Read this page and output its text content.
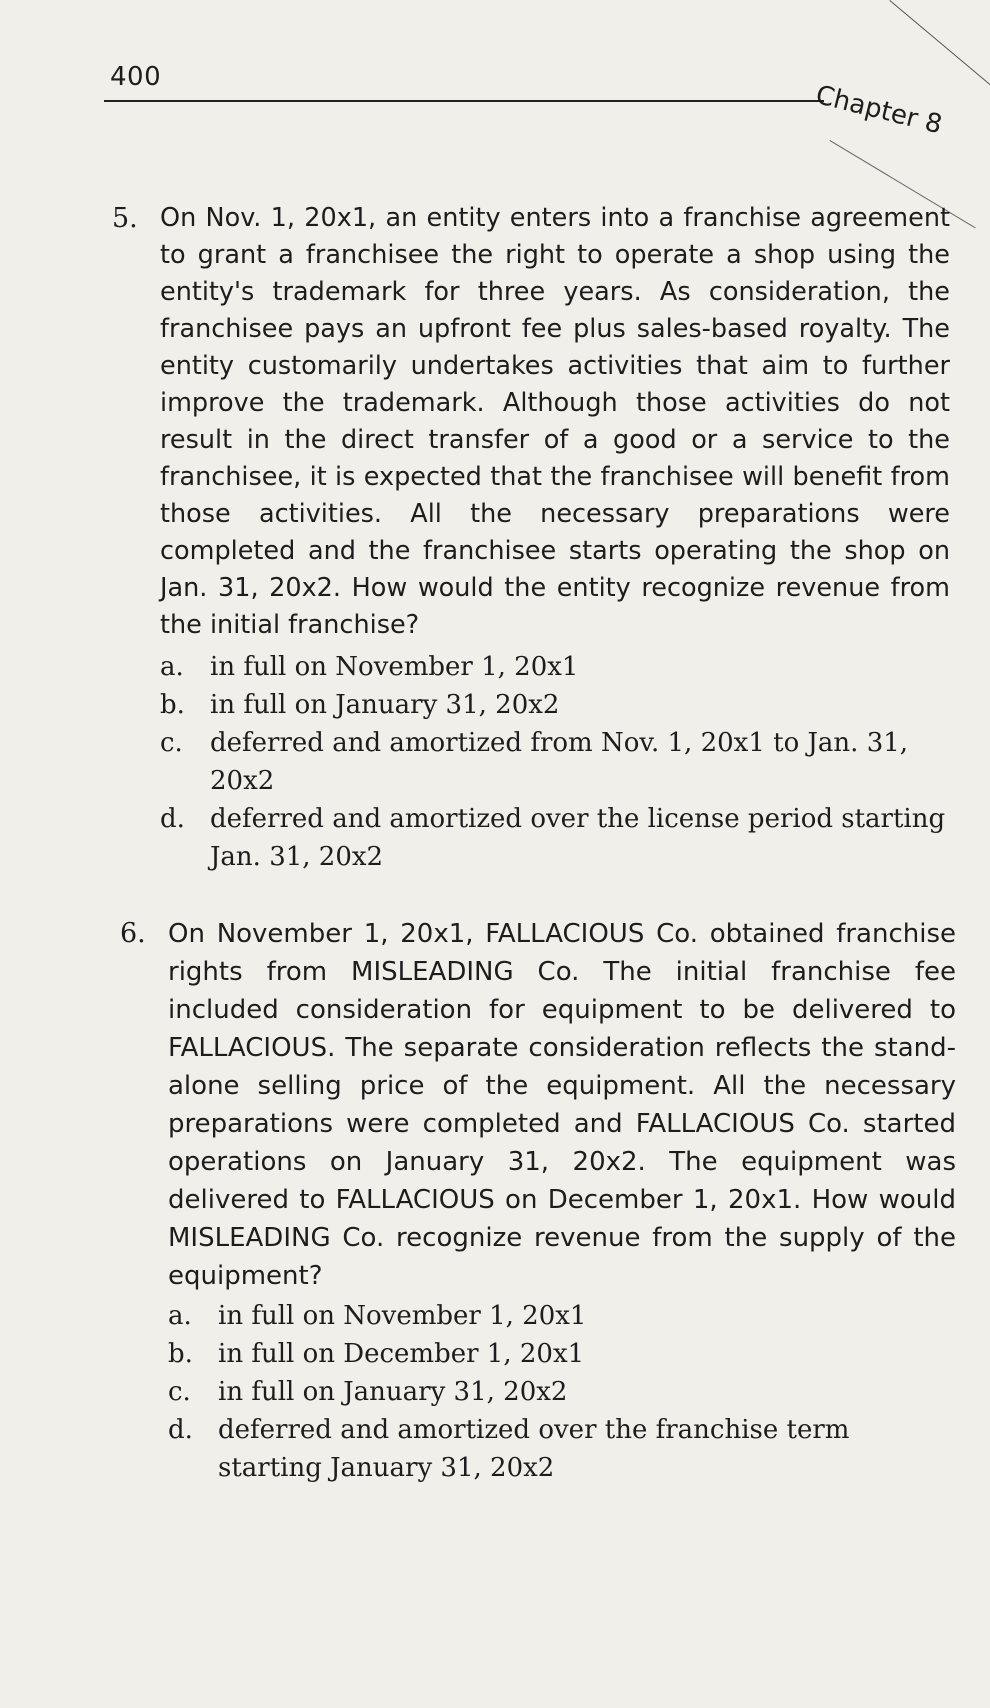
400
Chapter 8
5. On Nov. 1, 20x1, an entity enters into a franchise agreement to grant a franchisee the right to operate a shop using the entity's trademark for three years. As consideration, the franchisee pays an upfront fee plus sales-based royalty. The entity customarily undertakes activities that aim to further improve the trademark. Although those activities do not result in the direct transfer of a good or a service to the franchisee, it is expected that the franchisee will benefit from those activities. All the necessary preparations were completed and the franchisee starts operating the shop on Jan. 31, 20x2. How would the entity recognize revenue from the initial franchise?
a.	in full on November 1, 20x1
b. in full on January 31, 20x2
c.	deferred and amortized from Nov. 1, 20x1 to Jan. 31, 20x2
d. deferred and amortized over the license period starting Jan. 31, 20x2
6. On November 1, 20x1, FALLACIOUS Co. obtained franchise rights from MISLEADING Co. The initial franchise fee included consideration for equipment to be delivered to FALLACIOUS. The separate consideration reflects the stand-alone selling price of the equipment. All the necessary preparations were completed and FALLACIOUS Co. started operations on January 31, 20x2. The equipment was delivered to FALLACIOUS on December 1, 20x1. How would MISLEADING Co. recognize revenue from the supply of the equipment?
a.	in full on November 1, 20x1
b. in full on December 1, 20x1
c.	in full on January 31, 20x2
d. deferred and amortized over the franchise term starting January 31, 20x2
